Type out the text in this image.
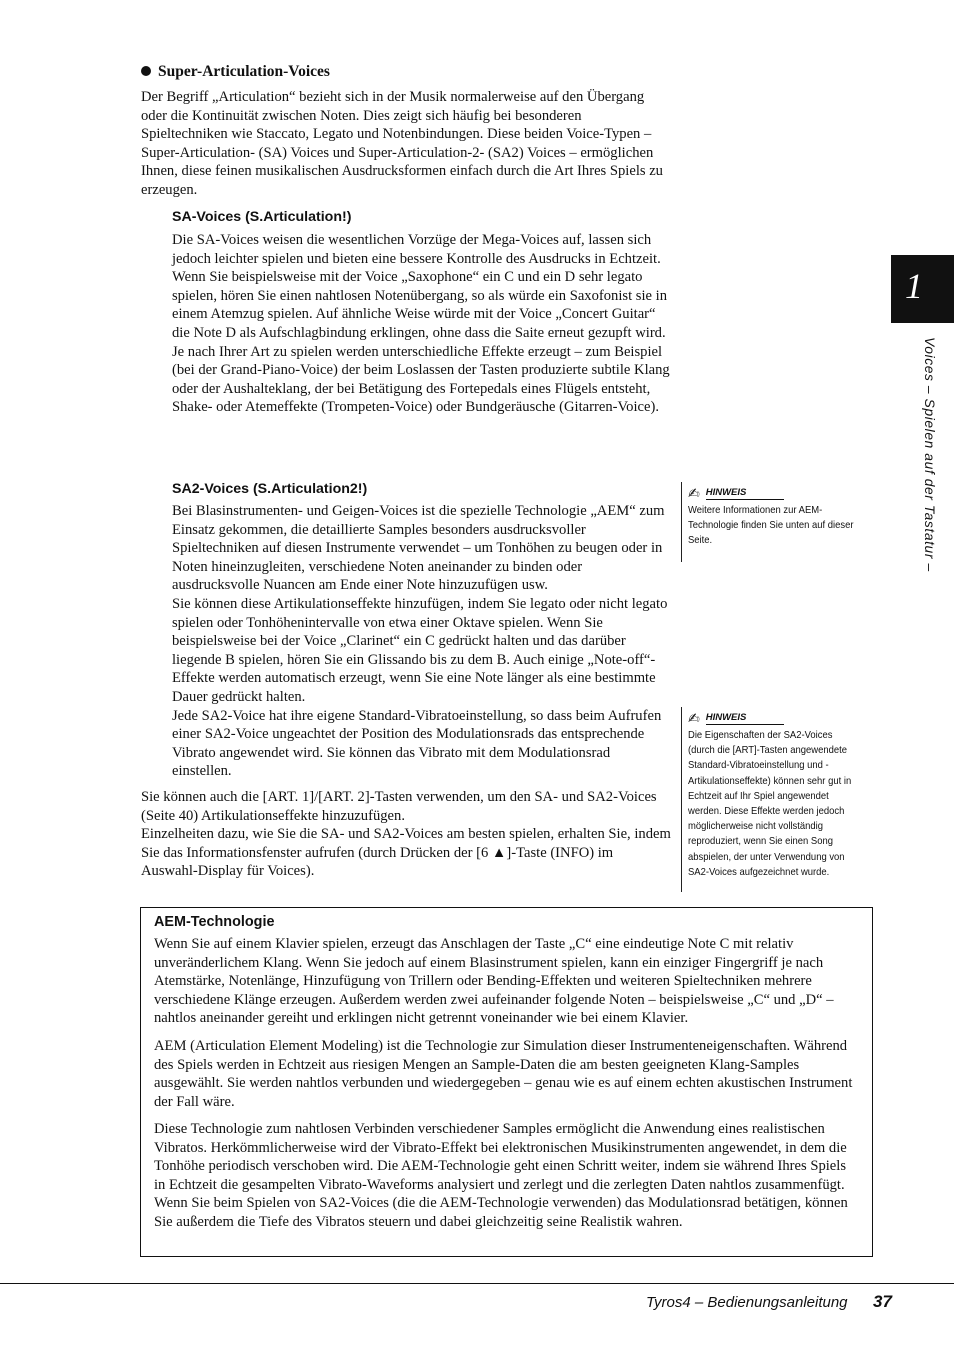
Super-Articulation-Voices
Der Begriff „Articulation“ bezieht sich in der Musik normalerweise auf den Übergang oder die Kontinuität zwischen Noten. Dies zeigt sich häufig bei besonderen Spieltechniken wie Staccato, Legato und Notenbindungen. Diese beiden Voice-Typen – Super-Articulation- (SA) Voices und Super-Articulation-2- (SA2) Voices – ermöglichen Ihnen, diese feinen musikalischen Ausdrucksformen einfach durch die Art Ihres Spiels zu erzeugen.
SA-Voices (S.Articulation!)
Die SA-Voices weisen die wesentlichen Vorzüge der Mega-Voices auf, lassen sich jedoch leichter spielen und bieten eine bessere Kontrolle des Ausdrucks in Echtzeit.
Wenn Sie beispielsweise mit der Voice „Saxophone“ ein C und ein D sehr legato spielen, hören Sie einen nahtlosen Notenübergang, so als würde ein Saxofonist sie in einem Atemzug spielen. Auf ähnliche Weise würde mit der Voice „Concert Guitar“ die Note D als Aufschlagbindung erklingen, ohne dass die Saite erneut gezupft wird.
Je nach Ihrer Art zu spielen werden unterschiedliche Effekte erzeugt – zum Beispiel (bei der Grand-Piano-Voice) der beim Loslassen der Tasten produzierte subtile Klang oder der Aushalteklang, der bei Betätigung des Fortepedals eines Flügels entsteht, Shake- oder Atemeffekte (Trompeten-Voice) oder Bundgeräusche (Gitarren-Voice).
SA2-Voices (S.Articulation2!)
Bei Blasinstrumenten- und Geigen-Voices ist die spezielle Technologie „AEM“ zum Einsatz gekommen, die detaillierte Samples besonders ausdrucksvoller Spieltechniken auf diesen Instrumente verwendet – um Tonhöhen zu beugen oder in Noten hineinzugleiten, verschiedene Noten aneinander zu binden oder ausdrucksvolle Nuancen am Ende einer Note hinzuzufügen usw.
Sie können diese Artikulationseffekte hinzufügen, indem Sie legato oder nicht legato spielen oder Tonhöhenintervalle von etwa einer Oktave spielen. Wenn Sie beispielsweise bei der Voice „Clarinet“ ein C gedrückt halten und das darüber liegende B spielen, hören Sie ein Glissando bis zu dem B. Auch einige „Note-off“-Effekte werden automatisch erzeugt, wenn Sie eine Note länger als eine bestimmte Dauer gedrückt halten.
Jede SA2-Voice hat ihre eigene Standard-Vibratoeinstellung, so dass beim Aufrufen einer SA2-Voice ungeachtet der Position des Modulationsrads das entsprechende Vibrato angewendet wird. Sie können das Vibrato mit dem Modulationsrad einstellen.
Sie können auch die [ART. 1]/[ART. 2]-Tasten verwenden, um den SA- und SA2-Voices (Seite 40) Artikulationseffekte hinzuzufügen.
Einzelheiten dazu, wie Sie die SA- und SA2-Voices am besten spielen, erhalten Sie, indem Sie das Informationsfenster aufrufen (durch Drücken der [6 ▲]-Taste (INFO) im Auswahl-Display für Voices).
✍ HINWEIS
Weitere Informationen zur AEM-Technologie finden Sie unten auf dieser Seite.
✍ HINWEIS
Die Eigenschaften der SA2-Voices (durch die [ART]-Tasten angewendete Standard-Vibratoeinstellung und -Artikulationseffekte) können sehr gut in Echtzeit auf Ihr Spiel angewendet werden. Diese Effekte werden jedoch möglicherweise nicht vollständig reproduziert, wenn Sie einen Song abspielen, der unter Verwendung von SA2-Voices aufgezeichnet wurde.
1
Voices – Spielen auf der Tastatur –
AEM-Technologie
Wenn Sie auf einem Klavier spielen, erzeugt das Anschlagen der Taste „C“ eine eindeutige Note C mit relativ unveränderlichem Klang. Wenn Sie jedoch auf einem Blasinstrument spielen, kann ein einziger Fingergriff je nach Atemstärke, Notenlänge, Hinzufügung von Trillern oder Bending-Effekten und weiteren Spieltechniken mehrere verschiedene Klänge erzeugen. Außerdem werden zwei aufeinander folgende Noten – beispielsweise „C“ und „D“ – nahtlos aneinander gereiht und erklingen nicht getrennt voneinander wie bei einem Klavier.
AEM (Articulation Element Modeling) ist die Technologie zur Simulation dieser Instrumenteneigenschaften. Während des Spiels werden in Echtzeit aus riesigen Mengen an Sample-Daten die am besten geeigneten Klang-Samples ausgewählt. Sie werden nahtlos verbunden und wiedergegeben – genau wie es auf einem echten akustischen Instrument der Fall wäre.
Diese Technologie zum nahtlosen Verbinden verschiedener Samples ermöglicht die Anwendung eines realistischen Vibratos. Herkömmlicherweise wird der Vibrato-Effekt bei elektronischen Musikinstrumenten angewendet, in dem die Tonhöhe periodisch verschoben wird. Die AEM-Technologie geht einen Schritt weiter, indem sie während Ihres Spiels in Echtzeit die gesampelten Vibrato-Waveforms analysiert und zerlegt und die zerlegten Daten nahtlos zusammenfügt. Wenn Sie beim Spielen von SA2-Voices (die die AEM-Technologie verwenden) das Modulationsrad betätigen, können Sie außerdem die Tiefe des Vibratos steuern und dabei gleichzeitig seine Realistik wahren.
Tyros4 – Bedienungsanleitung 37
